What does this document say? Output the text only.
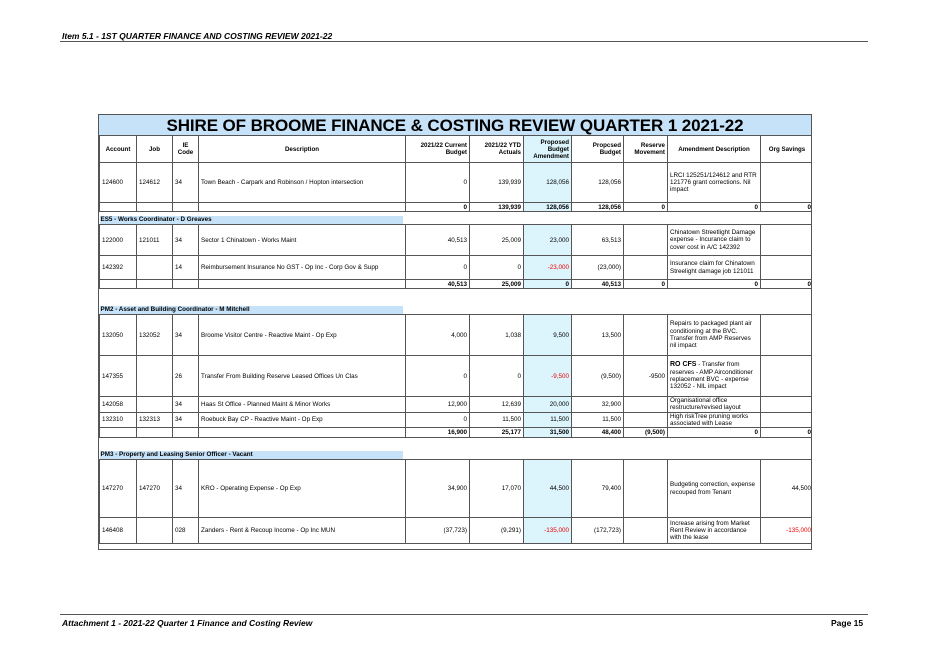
Item 5.1 - 1ST QUARTER FINANCE AND COSTING REVIEW 2021-22
SHIRE OF BROOME FINANCE & COSTING REVIEW QUARTER 1 2021-22
Account	Job	IE Code	Description	2021/22 Current Budget	2021/22 YTD Actuals	Proposed Budget Amendment	Propcsed Budget	Reserve Movement	Amendment Description	Org Savings
124600	124612	34	Town Beach - Carpark and Robinson / Hopton intersection	0	139,939	128,056	128,056		LRCI 125251/124612 and RTR 121776 grant corrections. Nil impact	
				0	139,939	128,056	128,056	0	0	0
ES5 - Works Coordinator - D Greaves										
122000	121011	34	Sector 1 Chinatown - Works Maint	40,513	25,009	23,000	63,513		Chinatown Streetlight Damage expense - Incurance claim to cover cost in A/C 142392	
142392		14	Reimbursement Insurance No GST - Op Inc - Corp Gov & Supp	0	0	-23,000	(23,000)		Insurance claim for Chinatown Streelight damage job 121011	
				40,513	25,009	0	40,513	0	0	0
PM2 - Asset and Building Coordinator - M Mitchell										
132050	132052	34	Broome Visitor Centre - Reactive Maint - Op Exp	4,000	1,038	9,500	13,500		Repairs to packaged plant air conditioning at the BVC. Transfer from AMP Reserves nil impact	
147355		26	Transfer From Building Reserve Leased Offices Un Clas	0	0	-9,500	(9,500)	-9500	RO CFS - Transfer from reserves - AMP Airconditioner replacement BVC - expense 132052 - NIL impact	
142058		34	Haas St Office - Planned Maint & Minor Works	12,900	12,639	20,000	32,900		Organisational office restructure/revised layout	
132310	132313	34	Roebuck Bay CP - Reactive Maint - Op Exp	0	11,500	11,500	11,500		High riskTree pruning works associated with Lease	
				16,900	25,177	31,500	48,400	(9,500)	0	0
PM3 - Property and Leasing Senior Officer - Vacant										
147270	147270	34	KRO - Operating Expense - Op Exp	34,900	17,070	44,500	79,400		Budgeting correction, expense recouped from Tenant	44,500
146408		028	Zanders - Rent & Recoup Income - Op Inc MUN	(37,723)	(9,291)	-135,000	(172,723)		Increase arising from Market Rent Review in accordance with the lease	-135,000
Attachment 1 - 2021-22 Quarter 1 Finance and Costing Review	Page 15
